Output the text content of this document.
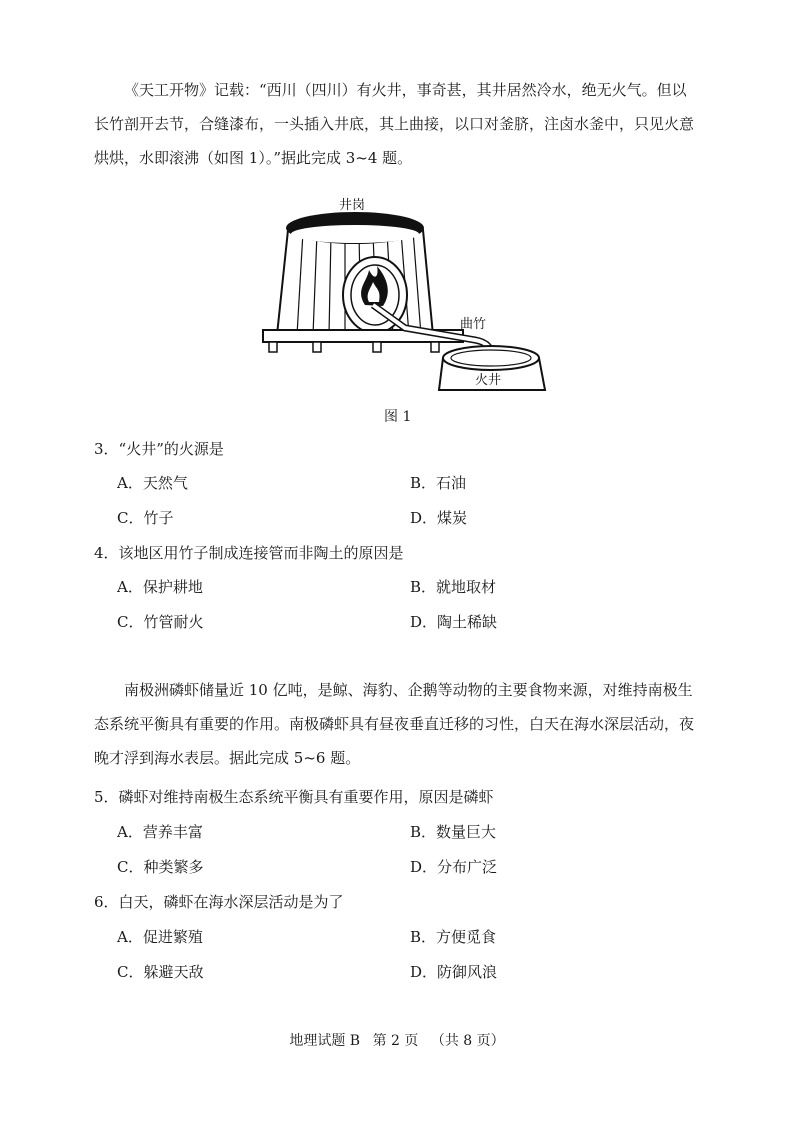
《天工开物》记载：“西川（四川）有火井，事奇甚，其井居然冷水，绝无火气。但以
长竹剖开去节，合缝漆布，一头插入井底，其上曲接，以口对釜脐，注卤水釜中，只见火意
烘烘，水即滚沸（如图 1）。”据此完成 3~4 题。
井岗
曲竹
火井
图 1
3．“火井”的火源是
A．天然气	B．石油
C．竹子	D．煤炭
4．该地区用竹子制成连接管而非陶土的原因是
A．保护耕地	B．就地取材
C．竹管耐火	D．陶土稀缺
南极洲磷虾储量近 10 亿吨，是鲸、海豹、企鹅等动物的主要食物来源，对维持南极生
态系统平衡具有重要的作用。南极磷虾具有昼夜垂直迁移的习性，白天在海水深层活动，夜
晚才浮到海水表层。据此完成 5~6 题。
5．磷虾对维持南极生态系统平衡具有重要作用，原因是磷虾
A．营养丰富	B．数量巨大
C．种类繁多	D．分布广泛
6．白天，磷虾在海水深层活动是为了
A．促进繁殖	B．方便觅食
C．躲避天敌	D．防御风浪
地理试题 B 第 2 页 （共 8 页）
